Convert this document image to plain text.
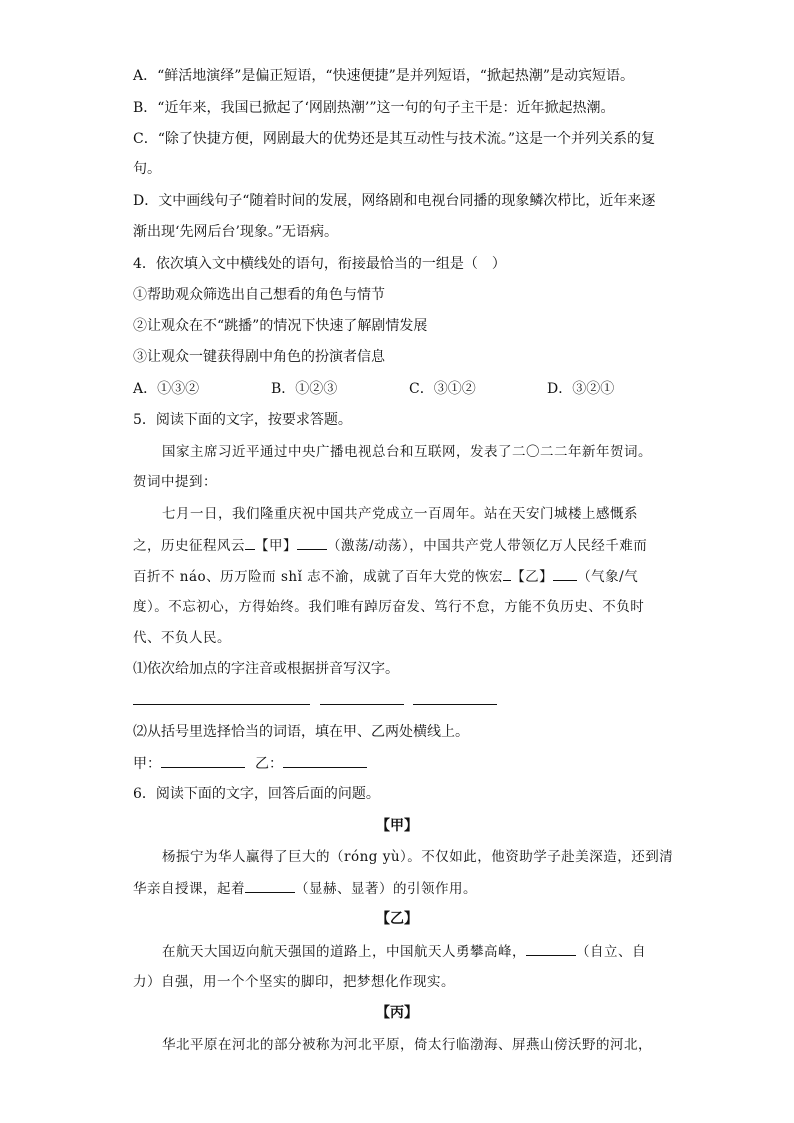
A．“鲜活地演绎”是偏正短语，“快速便捷”是并列短语，“掀起热潮”是动宾短语。
B．“近年来，我国已掀起了‘网剧热潮’”这一句的句子主干是：近年掀起热潮。
C．“除了快捷方便，网剧最大的优势还是其互动性与技术流。”这是一个并列关系的复
句。
D．文中画线句子“随着时间的发展，网络剧和电视台同播的现象鳞次栉比，近年来逐
渐出现‘先网后台’现象。”无语病。
4．依次填入文中横线处的语句，衔接最恰当的一组是（　）
①帮助观众筛选出自己想看的角色与情节
②让观众在不“跳播”的情况下快速了解剧情发展
③让观众一键获得剧中角色的扮演者信息
A．①③②	B．①②③	C．③①②	D．③②①
5．阅读下面的文字，按要求答题。
国家主席习近平通过中央广播电视总台和互联网，发表了二〇二二年新年贺词。
贺词中提到：
七月一日，我们隆重庆祝中国共产党成立一百周年。站在天安门城楼上感慨系
之，历史征程风云 【甲】 （激荡/动荡），中国共产党人带领亿万人民经千难而
百折不 náo、历万险而 shǐ 志不渝，成就了百年大党的恢宏 【乙】 （气象/气
度）。不忘初心，方得始终。我们唯有踔厉奋发、笃行不怠，方能不负历史、不负时
代、不负人民。
⑴依次给加点的字注音或根据拼音写汉字。
⑵从括号里选择恰当的词语，填在甲、乙两处横线上。
甲：	乙：
6．阅读下面的文字，回答后面的问题。
【甲】
杨振宁为华人赢得了巨大的（róng yù）。不仅如此，他资助学子赴美深造，还到清
华亲自授课，起着	（显赫、显著）的引领作用。
【乙】
在航天大国迈向航天强国的道路上，中国航天人勇攀高峰，	（自立、自
力）自强，用一个个坚实的脚印，把梦想化作现实。
【丙】
华北平原在河北的部分被称为河北平原，倚太行临渤海、屏燕山傍沃野的河北，
